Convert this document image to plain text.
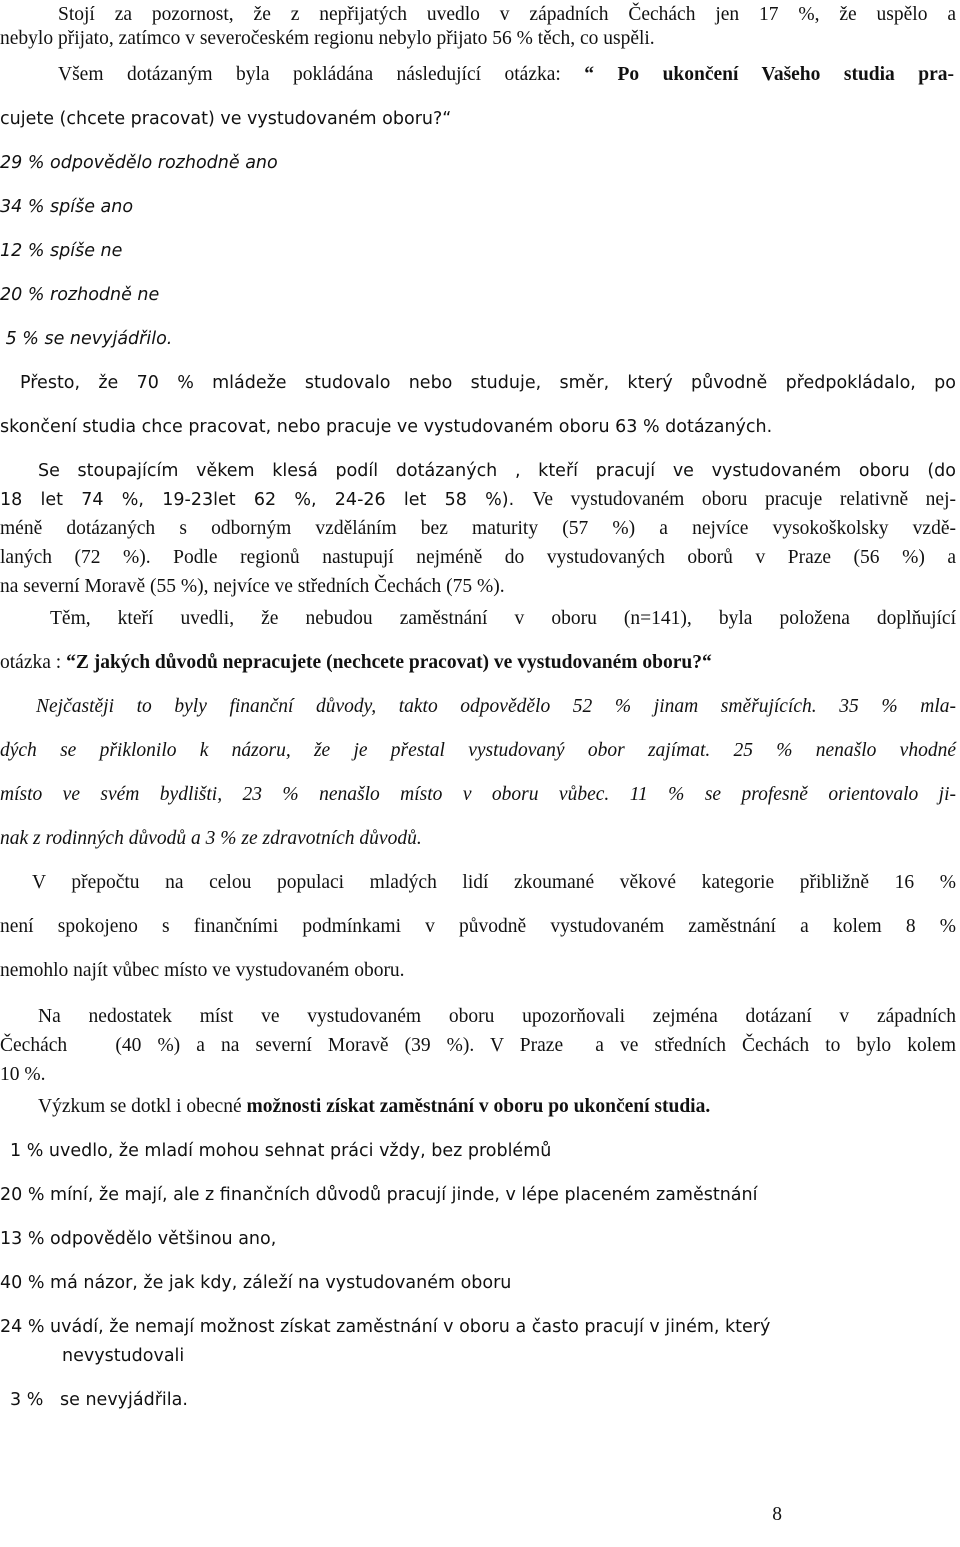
Stojí za pozornost, že z nepřijatých uvedlo v západních Čechách jen 17 %, že uspělo a
nebylo přijato, zatímco v severočeském regionu nebylo přijato 56 % těch, co uspěli.
Všem dotázaným byla pokládána následující otázka: “ Po ukončení Vašeho studia pra-
cujete (chcete pracovat) ve vystudovaném oboru?“
29 % odpovědělo rozhodně ano
34 % spíše ano
12 % spíše ne
20 % rozhodně ne
5 % se nevyjádřilo.
Přesto, že 70 % mládeže studovalo nebo studuje, směr, který původně předpokládalo, po
skončení studia chce pracovat, nebo pracuje ve vystudovaném oboru 63 % dotázaných.
Se stoupajícím věkem klesá podíl dotázaných , kteří pracují ve vystudovaném oboru (do
18 let 74 %, 19-23let 62 %, 24-26 let 58 %). Ve vystudovaném oboru pracuje relativně nej-
méně dotázaných s odborným vzděláním bez maturity (57 %) a nejvíce vysokoškolsky vzdě-
laných (72 %). Podle regionů nastupují nejméně do vystudovaných oborů v Praze (56 %) a
na severní Moravě (55 %), nejvíce ve středních Čechách (75 %).
Těm, kteří uvedli, že nebudou zaměstnání v oboru (n=141), byla položena doplňující
otázka : “Z jakých důvodů nepracujete (nechcete pracovat) ve vystudovaném oboru?“
Nejčastěji to byly finanční důvody, takto odpovědělo 52 % jinam směřujících. 35 % mla-
dých se přiklonilo k názoru, že je přestal vystudovaný obor zajímat. 25 % nenašlo vhodné
místo ve svém bydlišti, 23 % nenašlo místo v oboru vůbec. 11 % se profesně orientovalo ji-
nak z rodinných důvodů a 3 % ze zdravotních důvodů.
V přepočtu na celou populaci mladých lidí zkoumané věkové kategorie přibližně 16 %
není spokojeno s finančními podmínkami v původně vystudovaném zaměstnání a kolem 8 %
nemohlo najít vůbec místo ve vystudovaném oboru.
Na nedostatek míst ve vystudovaném oboru upozorňovali zejména dotázaní v západních
Čechách   (40 %) a na severní Moravě (39 %). V Praze  a ve středních Čechách to bylo kolem
10 %.
Výzkum se dotkl i obecné možnosti získat zaměstnání v oboru po ukončení studia.
1 % uvedlo, že mladí mohou sehnat práci vždy, bez problémů
20 % míní, že mají, ale z finančních důvodů pracují jinde, v lépe placeném zaměstnání
13 % odpovědělo většinou ano,
40 % má názor, že jak kdy, záleží na vystudovaném oboru
24 % uvádí, že nemají možnost získat zaměstnání v oboru a často pracují v jiném, který
nevystudovali
3 %   se nevyjádřila.
8
